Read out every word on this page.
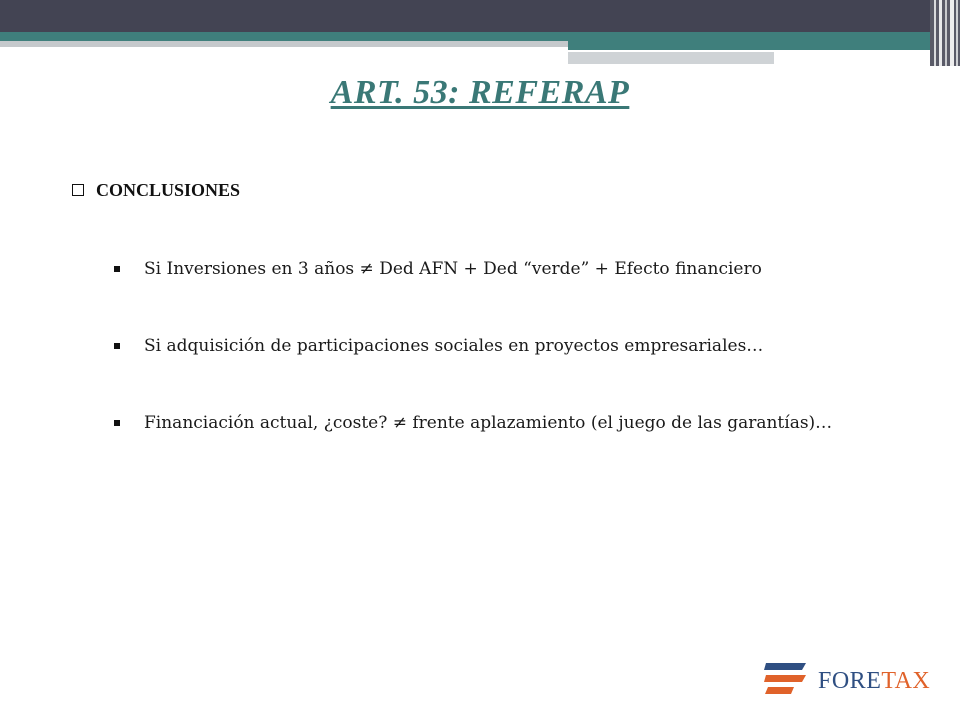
ART. 53: REFERAP
CONCLUSIONES
Si Inversiones en 3 años ≠ Ded AFN + Ded “verde” + Efecto financiero
Si adquisición de participaciones sociales en proyectos empresariales…
Financiación actual, ¿coste? ≠ frente aplazamiento (el juego de las garantías)…
FORETAX
